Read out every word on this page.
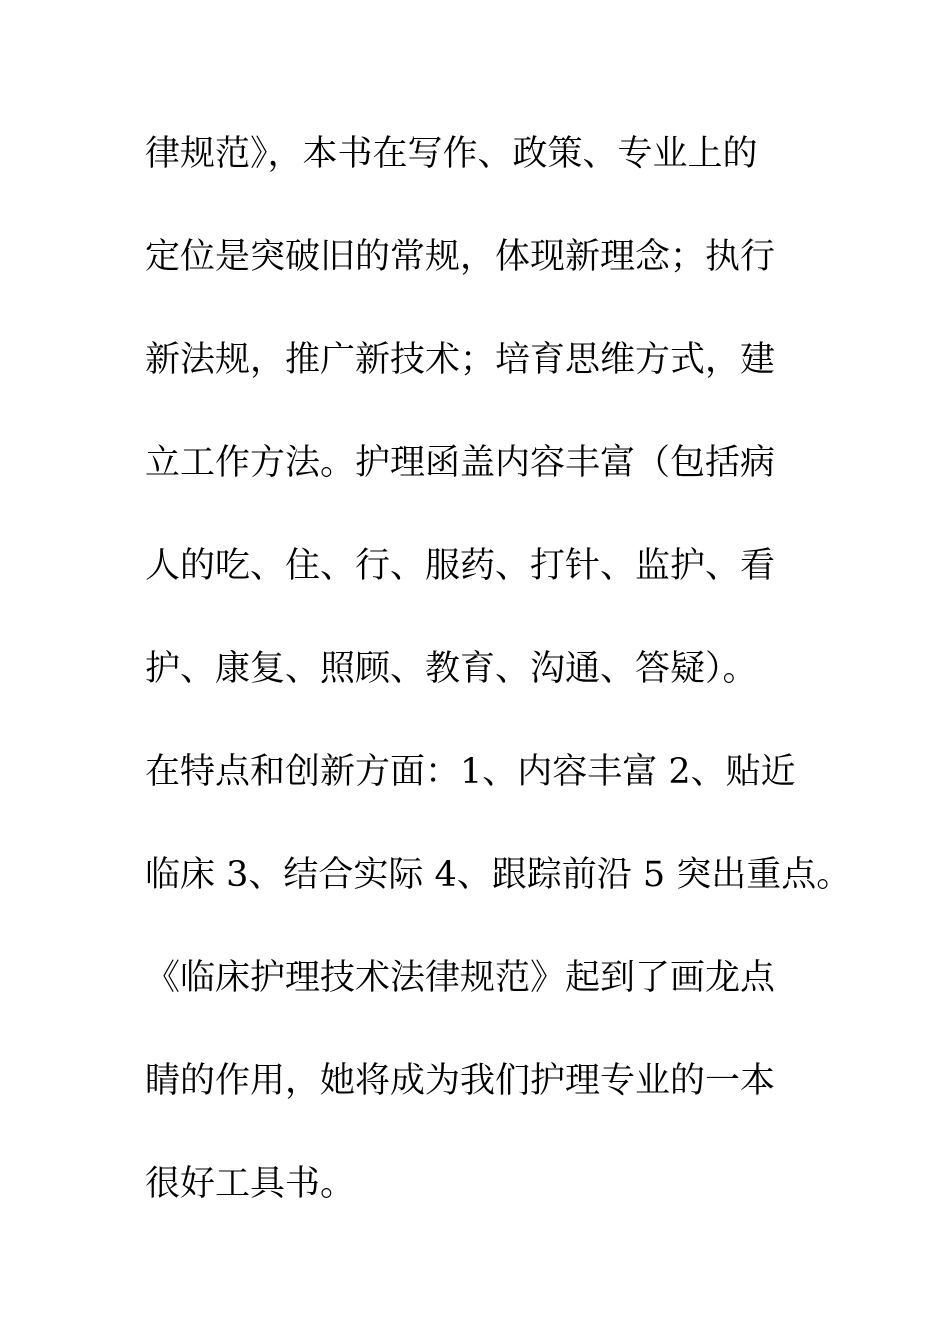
律规范》，本书在写作、政策、专业上的
定位是突破旧的常规，体现新理念；执行
新法规，推广新技术；培育思维方式，建
立工作方法。护理函盖内容丰富（包括病
人的吃、住、行、服药、打针、监护、看
护、康复、照顾、教育、沟通、答疑）。
在特点和创新方面：1、内容丰富 2、贴近
临床 3、结合实际 4、跟踪前沿 5 突出重点。
《临床护理技术法律规范》起到了画龙点
睛的作用，她将成为我们护理专业的一本
很好工具书。
